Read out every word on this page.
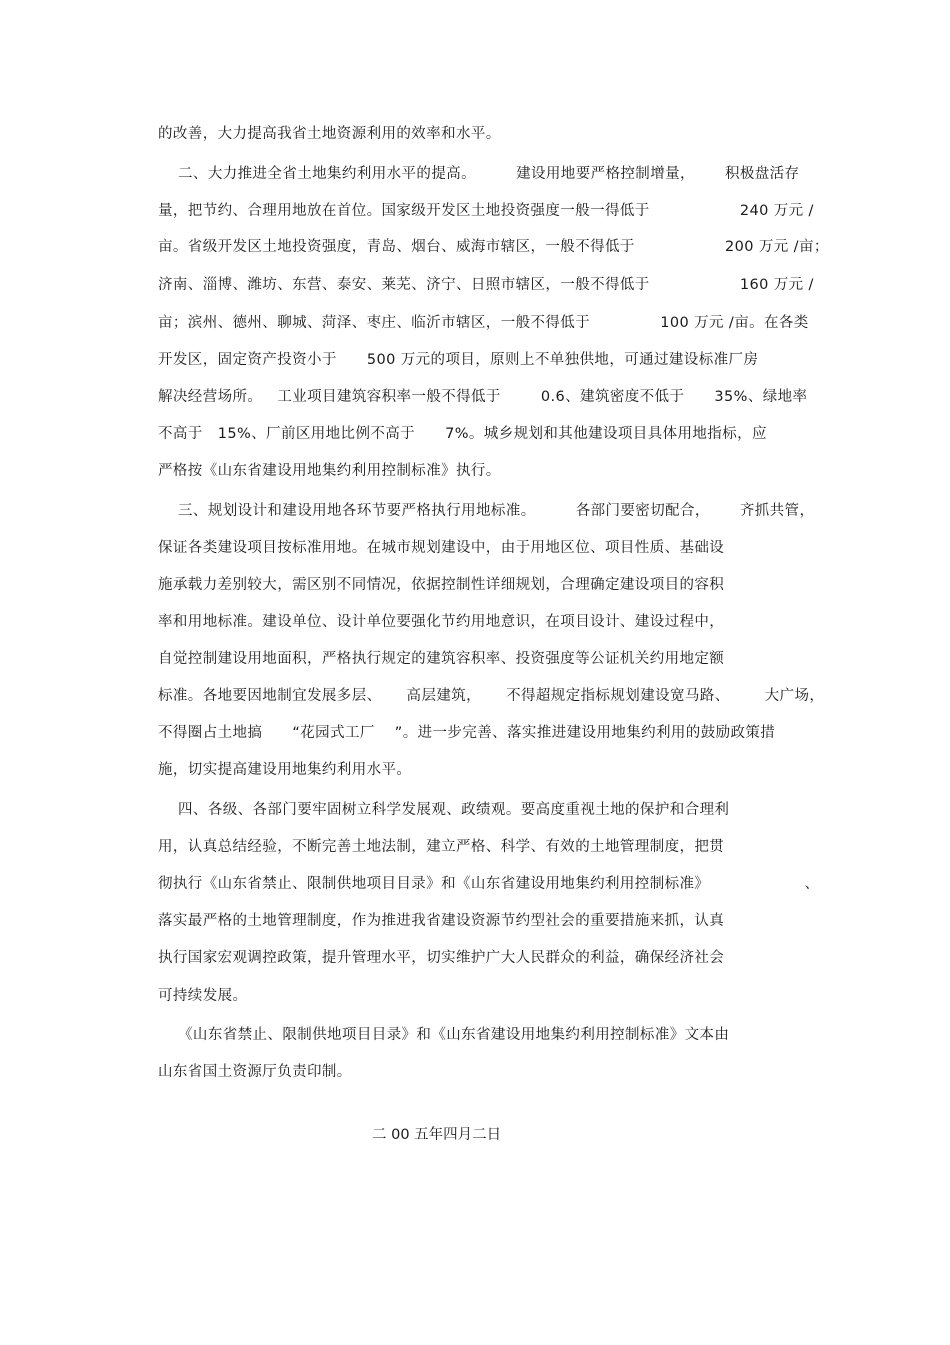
的改善，大力提高我省土地资源利用的效率和水平。
二、大力推进全省土地集约利用水平的提高。        建设用地要严格控制增量，      积极盘活存
量，把节约、合理用地放在首位。国家级开发区土地投资强度一般一得低于                  240 万元 /
亩。省级开发区土地投资强度，青岛、烟台、威海市辖区，一般不得低于                  200 万元 /亩；
济南、淄博、潍坊、东营、泰安、莱芜、济宁、日照市辖区，一般不得低于                  160 万元 /
亩；滨州、德州、聊城、菏泽、枣庄、临沂市辖区，一般不得低于              100 万元 /亩。在各类
开发区，固定资产投资小于      500 万元的项目，原则上不单独供地，可通过建设标准厂房
解决经营场所。   工业项目建筑容积率一般不得低于        0.6、建筑密度不低于      35%、绿地率
不高于   15%、厂前区用地比例不高于      7%。城乡规划和其他建设项目具体用地指标，应
严格按《山东省建设用地集约利用控制标准》执行。
三、规划设计和建设用地各环节要严格执行用地标准。        各部门要密切配合，      齐抓共管，
保证各类建设项目按标准用地。在城市规划建设中，由于用地区位、项目性质、基础设
施承载力差别较大，需区别不同情况，依据控制性详细规划，合理确定建设项目的容积
率和用地标准。建设单位、设计单位要强化节约用地意识，在项目设计、建设过程中，
自觉控制建设用地面积，严格执行规定的建筑容积率、投资强度等公证机关约用地定额
标准。各地要因地制宜发展多层、     高层建筑，     不得超规定指标规划建设宽马路、       大广场，
不得圈占土地搞      “花园式工厂    ”。进一步完善、落实推进建设用地集约利用的鼓励政策措
施，切实提高建设用地集约利用水平。
四、各级、各部门要牢固树立科学发展观、政绩观。要高度重视土地的保护和合理利
用，认真总结经验，不断完善土地法制，建立严格、科学、有效的土地管理制度，把贯
彻执行《山东省禁止、限制供地项目目录》和《山东省建设用地集约利用控制标准》                   、
落实最严格的土地管理制度，作为推进我省建设资源节约型社会的重要措施来抓，认真
执行国家宏观调控政策，提升管理水平，切实维护广大人民群众的利益，确保经济社会
可持续发展。
《山东省禁止、限制供地项目目录》和《山东省建设用地集约利用控制标准》文本由
山东省国土资源厅负责印制。
二 00 五年四月二日
